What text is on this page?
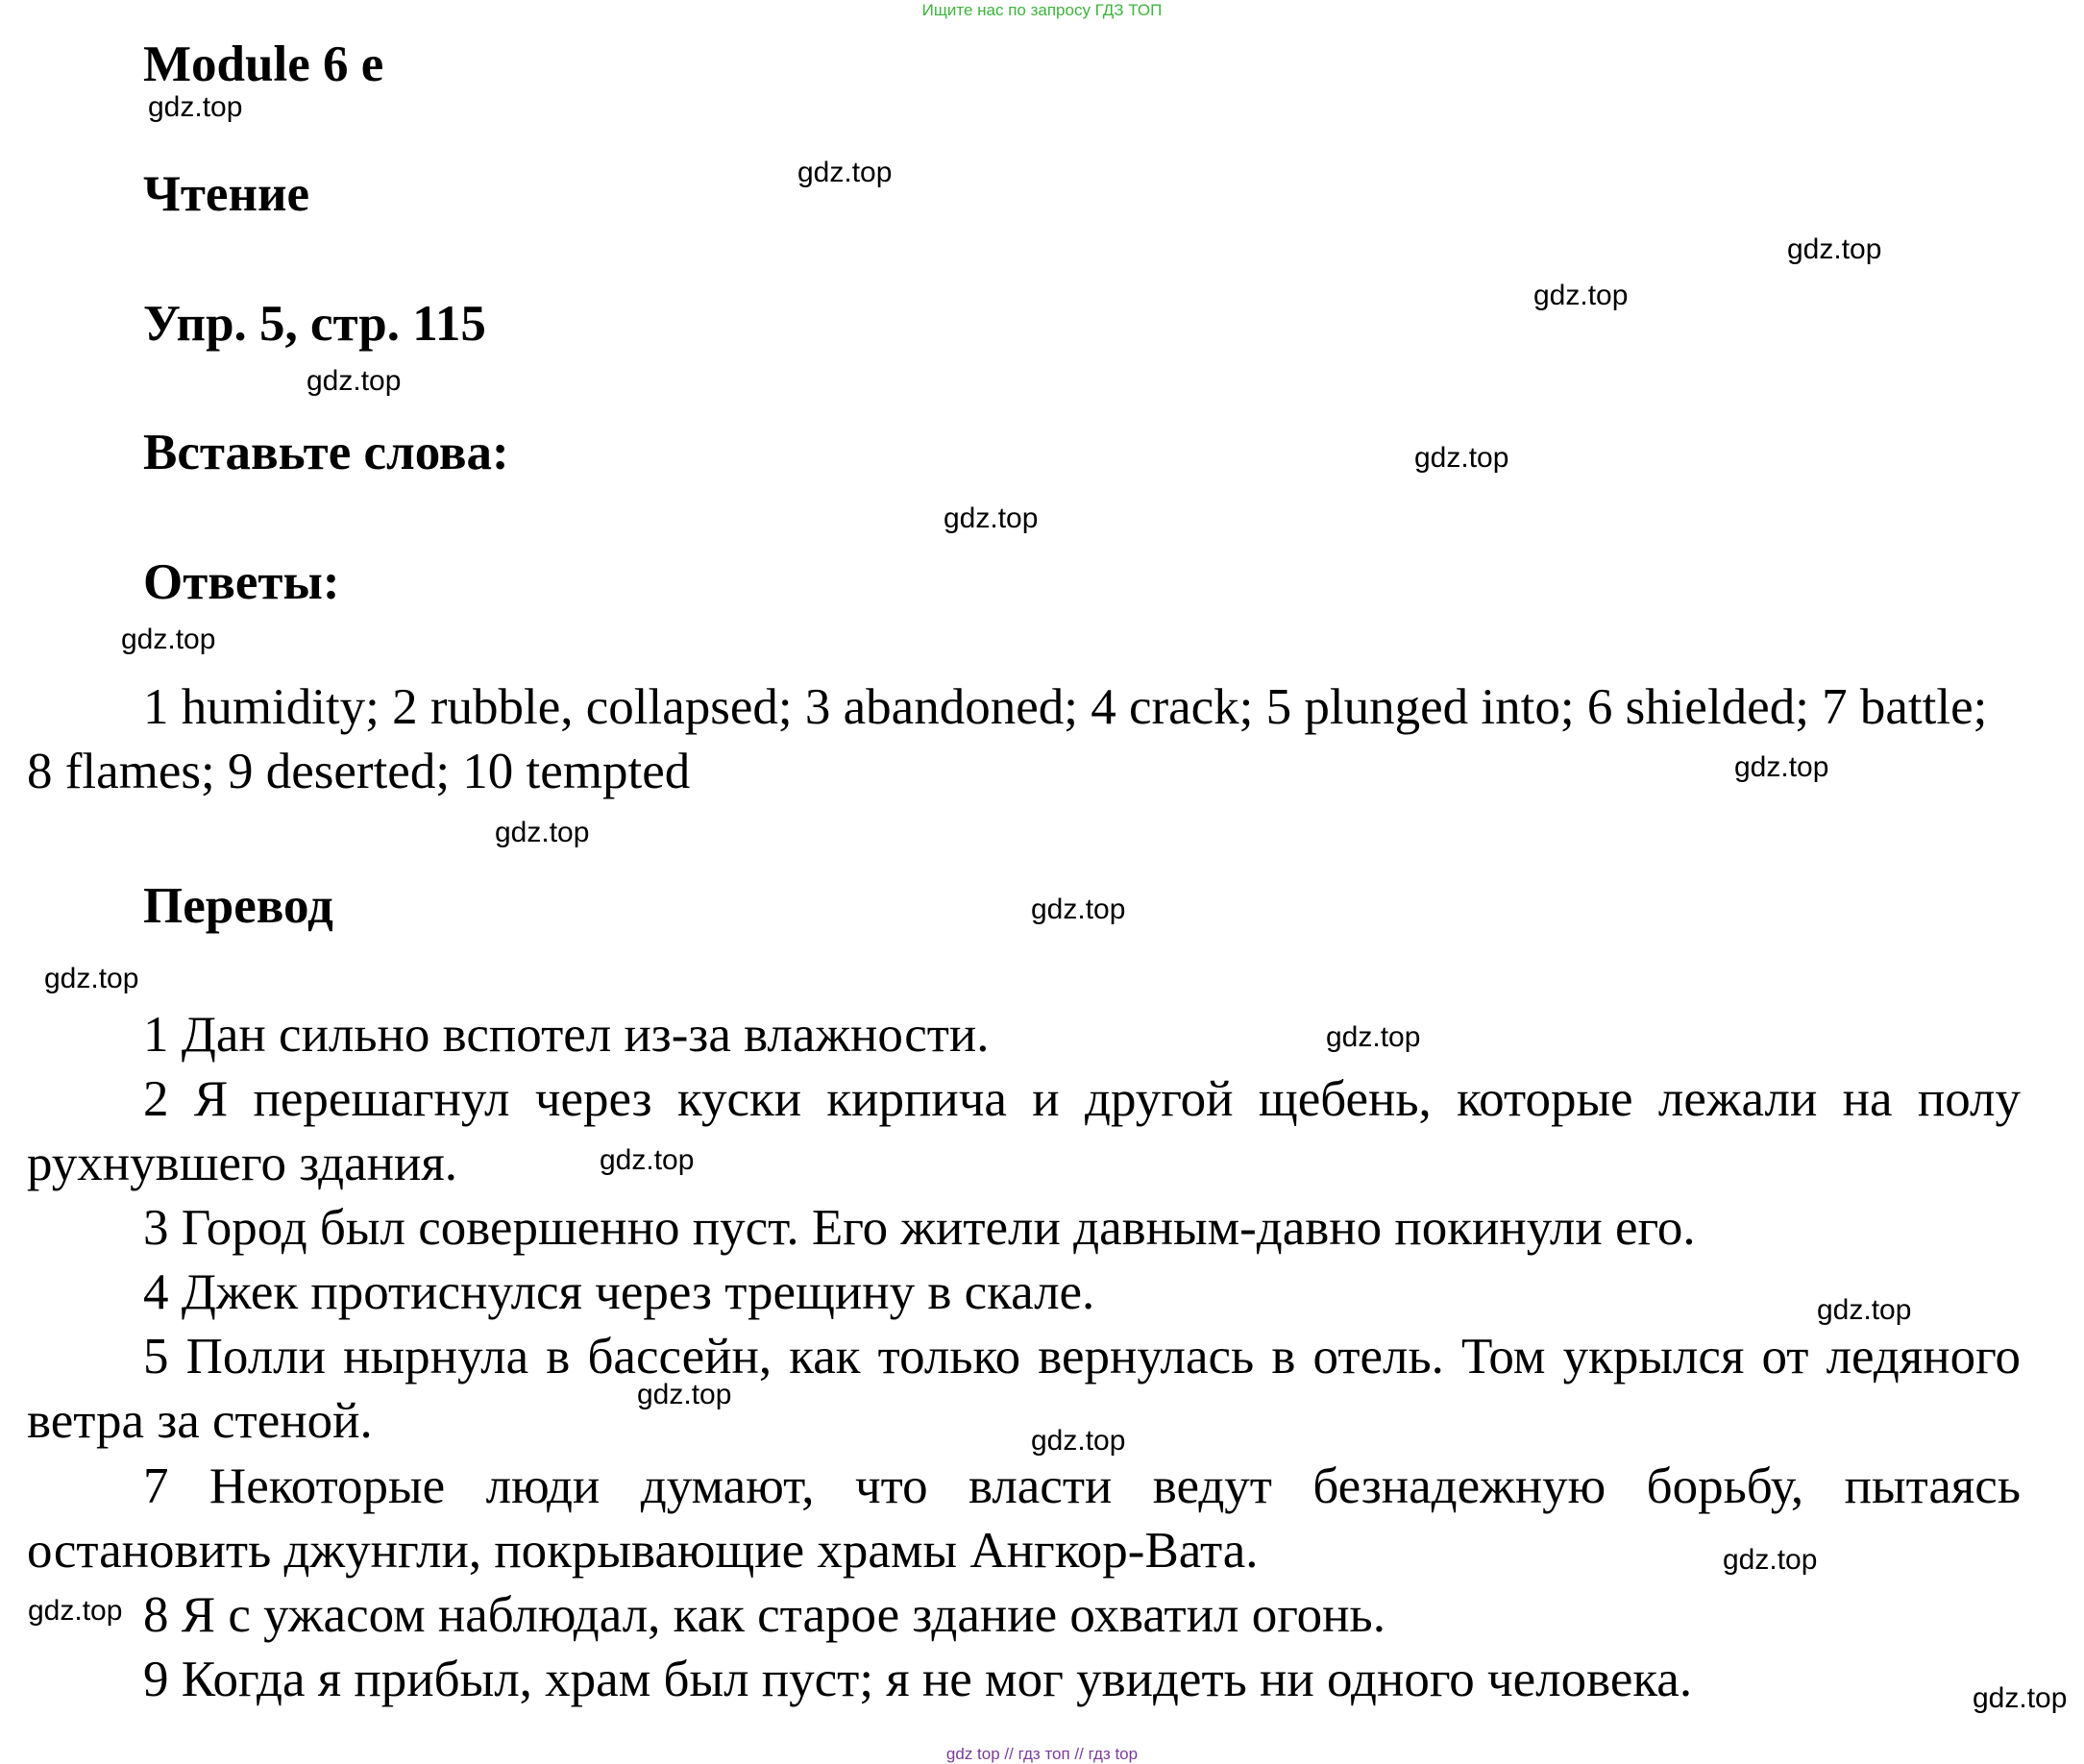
Ищите нас по запросу ГДЗ ТОП
Module 6 e
Чтение
Упр. 5, стр. 115
Вставьте слова:
Ответы:

1 humidity; 2 rubble, collapsed; 3 abandoned; 4 crack; 5 plunged into; 6 shielded; 7 battle; 8 flames; 9 deserted; 10 tempted

Перевод

1 Дан сильно вспотел из-за влажности.

2 Я перешагнул через куски кирпича и другой щебень, которые лежали на полу рухнувшего здания.

3 Город был совершенно пуст. Его жители давным-давно покинули его.

4 Джек протиснулся через трещину в скале.

5 Полли нырнула в бассейн, как только вернулась в отель. Том укрылся от ледяного ветра за стеной.

7 Некоторые люди думают, что власти ведут безнадежную борьбу, пытаясь остановить джунгли, покрывающие храмы Ангкор-Вата.

8 Я с ужасом наблюдал, как старое здание охватил огонь.

9 Когда я прибыл, храм был пуст; я не мог увидеть ни одного человека.

gdz.top
gdz.top
gdz.top
gdz.top
gdz.top
gdz.top
gdz.top
gdz.top
gdz.top
gdz.top
gdz.top
gdz.top
gdz.top
gdz.top
gdz.top
gdz.top
gdz.top
gdz.top
gdz.top
gdz.top
gdz top // гдз топ // гдз top
